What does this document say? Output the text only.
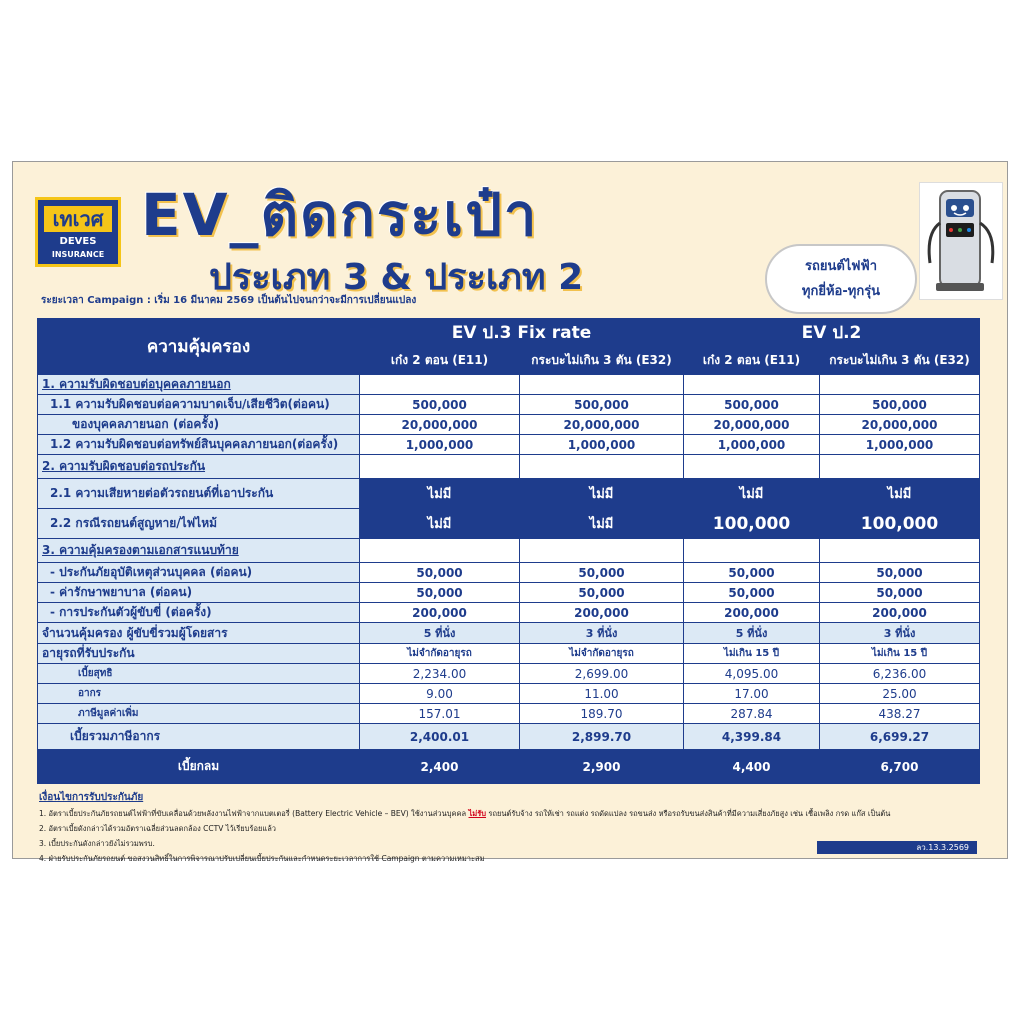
เทเวศ
DEVES
INSURANCE
EV_ติดกระเป๋า
ประเภท 3 & ประเภท 2	รถยนต์ไฟฟ้า
ทุกยี่ห้อ-ทุกรุ่น
ระยะเวลา Campaign : เริ่ม 16 มีนาคม 2569 เป็นต้นไปจนกว่าจะมีการเปลี่ยนแปลง
ความคุ้มครอง	EV ป.3 Fix rate		EV ป.2	
	เก๋ง 2 ตอน (E11)	กระบะไม่เกิน 3 ตัน (E32)	เก๋ง 2 ตอน (E11)	กระบะไม่เกิน 3 ตัน (E32)
1. ความรับผิดชอบต่อบุคคลภายนอก				
1.1 ความรับผิดชอบต่อความบาดเจ็บ/เสียชีวิต(ต่อคน)	500,000	500,000	500,000	500,000
ของบุคคลภายนอก (ต่อครั้ง)	20,000,000	20,000,000	20,000,000	20,000,000
1.2 ความรับผิดชอบต่อทรัพย์สินบุคคลภายนอก(ต่อครั้ง)	1,000,000	1,000,000	1,000,000	1,000,000
2. ความรับผิดชอบต่อรถประกัน				
2.1 ความเสียหายต่อตัวรถยนต์ที่เอาประกัน	ไม่มี	ไม่มี	ไม่มี	ไม่มี
2.2 กรณีรถยนต์สูญหาย/ไฟไหม้	ไม่มี	ไม่มี	100,000	100,000
3. ความคุ้มครองตามเอกสารแนบท้าย				
- ประกันภัยอุบัติเหตุส่วนบุคคล (ต่อคน)	50,000	50,000	50,000	50,000
- ค่ารักษาพยาบาล (ต่อคน)	50,000	50,000	50,000	50,000
- การประกันตัวผู้ขับขี่ (ต่อครั้ง)	200,000	200,000	200,000	200,000
จำนวนคุ้มครอง ผู้ขับขี่รวมผู้โดยสาร	5 ที่นั่ง	3 ที่นั่ง	5 ที่นั่ง	3 ที่นั่ง
อายุรถที่รับประกัน	ไม่จำกัดอายุรถ	ไม่จำกัดอายุรถ	ไม่เกิน 15 ปี	ไม่เกิน 15 ปี
เบี้ยสุทธิ	2,234.00	2,699.00	4,095.00	6,236.00
อากร	9.00	11.00	17.00	25.00
ภาษีมูลค่าเพิ่ม	157.01	189.70	287.84	438.27
เบี้ยรวมภาษีอากร	2,400.01	2,899.70	4,399.84	6,699.27
เบี้ยกลม	2,400	2,900	4,400	6,700
เงื่อนไขการรับประกันภัย
1. อัตราเบี้ยประกันภัยรถยนต์ไฟฟ้าที่ขับเคลื่อนด้วยพลังงานไฟฟ้าจากแบตเตอรี่ (Battery Electric Vehicle – BEV) ใช้งานส่วนบุคคล ไม่รับ รถยนต์รับจ้าง รถให้เช่า รถแต่ง รถดัดแปลง รถขนส่ง หรือรถรับขนส่งสินค้าที่มีความเสี่ยงภัยสูง เช่น เชื้อเพลิง กรด แก๊ส เป็นต้น
2. อัตราเบี้ยดังกล่าวได้รวมอัตราเฉลี่ยส่วนลดกล้อง CCTV ไว้เรียบร้อยแล้ว
3. เบี้ยประกันดังกล่าวยังไม่รวมพรบ.
4. ฝ่ายรับประกันภัยรถยนต์ ขอสงวนสิทธิ์ในการพิจารณาปรับเปลี่ยนเบี้ยประกันและกำหนดระยะเวลาการใช้ Campaign ตามความเหมาะสม
ลว.13.3.2569
